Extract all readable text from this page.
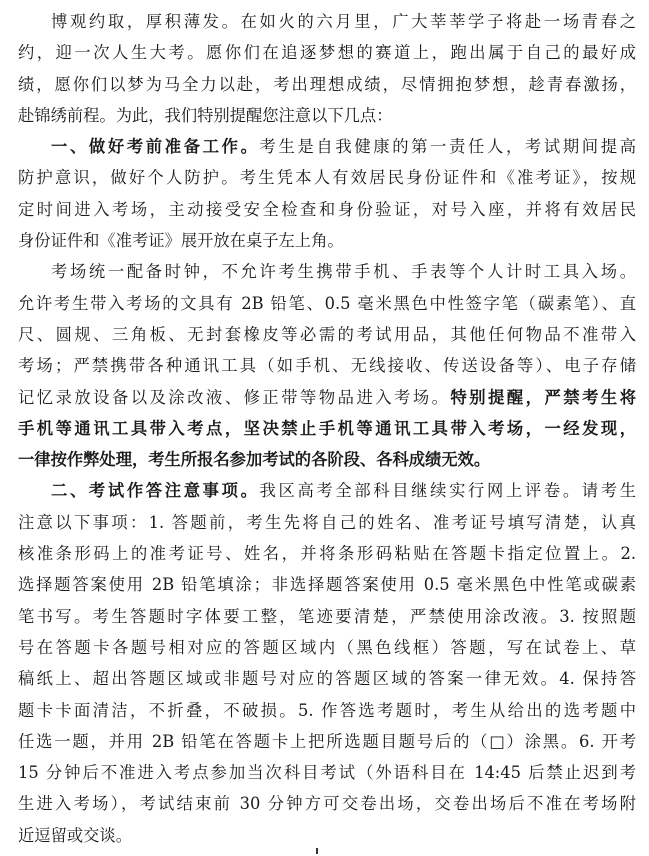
博观约取，厚积薄发。在如火的六月里，广大莘莘学子将赴一场青春之
约，迎一次人生大考。愿你们在追逐梦想的赛道上，跑出属于自己的最好成
绩，愿你们以梦为马全力以赴，考出理想成绩，尽情拥抱梦想，趁青春激扬，
赴锦绣前程。为此，我们特别提醒您注意以下几点：
一、做好考前准备工作。考生是自我健康的第一责任人，考试期间提高
防护意识，做好个人防护。考生凭本人有效居民身份证件和《准考证》，按规
定时间进入考场，主动接受安全检查和身份验证，对号入座，并将有效居民
身份证件和《准考证》展开放在桌子左上角。
考场统一配备时钟，不允许考生携带手机、手表等个人计时工具入场。
允许考生带入考场的文具有 2B 铅笔、0.5 毫米黑色中性签字笔（碳素笔）、直
尺、圆规、三角板、无封套橡皮等必需的考试用品，其他任何物品不准带入
考场；严禁携带各种通讯工具（如手机、无线接收、传送设备等）、电子存储
记忆录放设备以及涂改液、修正带等物品进入考场。特别提醒，严禁考生将
手机等通讯工具带入考点，坚决禁止手机等通讯工具带入考场，一经发现，
一律按作弊处理，考生所报名参加考试的各阶段、各科成绩无效。
二、考试作答注意事项。我区高考全部科目继续实行网上评卷。请考生
注意以下事项：1. 答题前，考生先将自己的姓名、准考证号填写清楚，认真
核准条形码上的准考证号、姓名，并将条形码粘贴在答题卡指定位置上。2.
选择题答案使用 2B 铅笔填涂；非选择题答案使用 0.5 毫米黑色中性笔或碳素
笔书写。考生答题时字体要工整，笔迹要清楚，严禁使用涂改液。3. 按照题
号在答题卡各题号相对应的答题区域内（黑色线框）答题，写在试卷上、草
稿纸上、超出答题区域或非题号对应的答题区域的答案一律无效。4. 保持答
题卡卡面清洁，不折叠，不破损。5. 作答选考题时，考生从给出的选考题中
任选一题，并用 2B 铅笔在答题卡上把所选题目题号后的（□）涂黑。6. 开考
15 分钟后不准进入考点参加当次科目考试（外语科目在 14:45 后禁止迟到考
生进入考场），考试结束前 30 分钟方可交卷出场，交卷出场后不准在考场附
近逗留或交谈。
